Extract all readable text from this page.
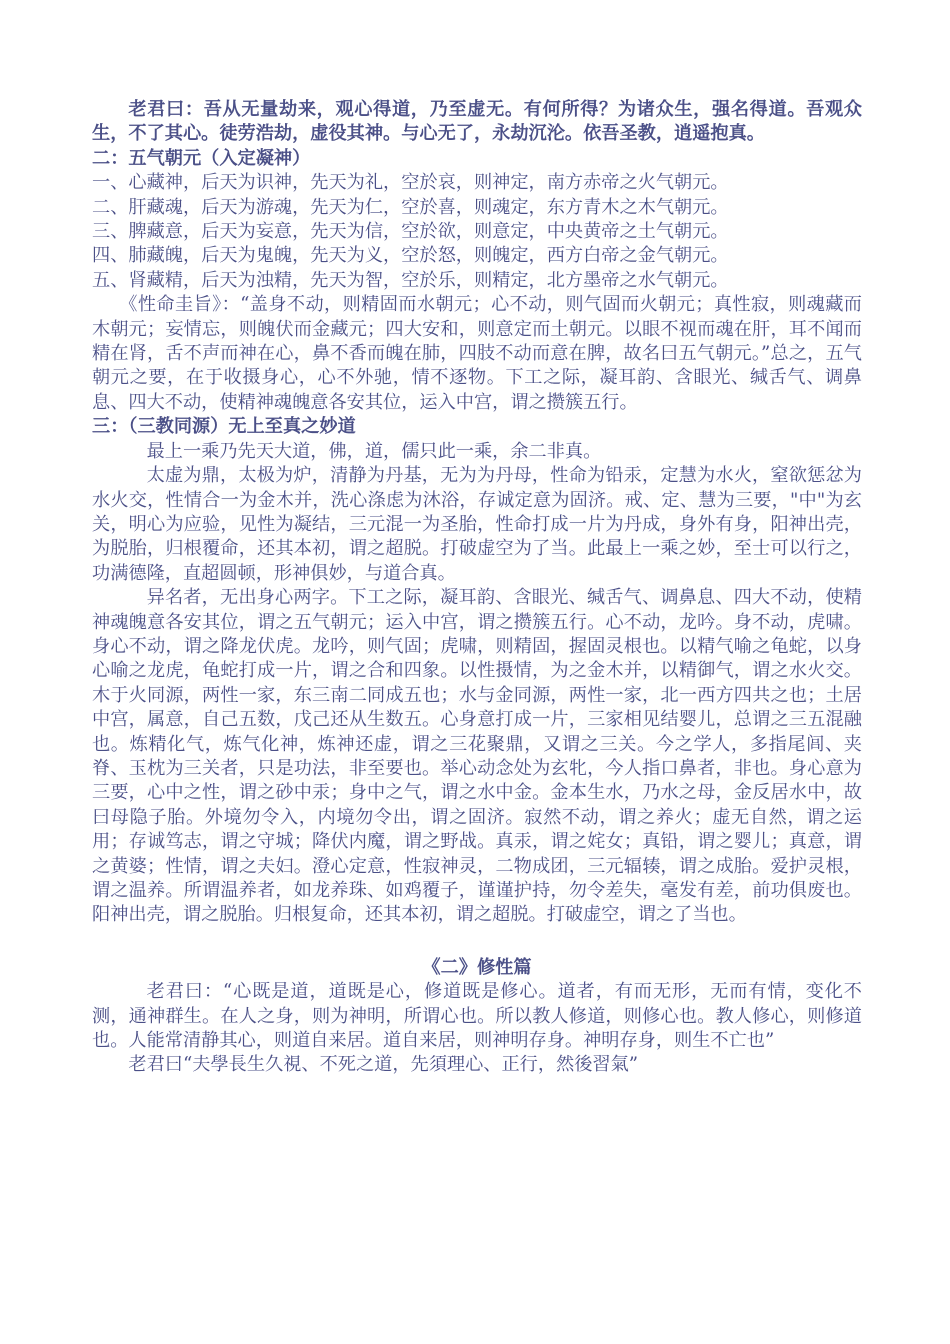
老君曰：吾从无量劫来，观心得道，乃至虚无。有何所得？为诸众生，强名得道。吾观众生，不了其心。徒劳浩劫，虚役其神。与心无了，永劫沉沦。依吾圣教，逍遥抱真。

二：五气朝元（入定凝神）

一、心藏神，后天为识神，先天为礼，空於哀，则神定，南方赤帝之火气朝元。

二、肝藏魂，后天为游魂，先天为仁，空於喜，则魂定，东方青木之木气朝元。

三、脾藏意，后天为妄意，先天为信，空於欲，则意定，中央黄帝之土气朝元。

四、肺藏魄，后天为鬼魄，先天为义，空於怒，则魄定，西方白帝之金气朝元。

五、肾藏精，后天为浊精，先天为智，空於乐，则精定，北方墨帝之水气朝元。

《性命圭旨》：“盖身不动，则精固而水朝元；心不动，则气固而火朝元；真性寂，则魂藏而木朝元；妄情忘，则魄伏而金藏元；四大安和，则意定而土朝元。以眼不视而魂在肝，耳不闻而精在肾，舌不声而神在心，鼻不香而魄在肺，四肢不动而意在脾，故名曰五气朝元。”总之，五气朝元之要，在于收摄身心，心不外驰，情不逐物。下工之际，凝耳韵、含眼光、缄舌气、调鼻息、四大不动，使精神魂魄意各安其位，运入中宫，谓之攒簇五行。

三：（三教同源）无上至真之妙道

最上一乘乃先天大道，佛，道，儒只此一乘，余二非真。

太虚为鼎，太极为炉，清静为丹基，无为为丹母，性命为铅汞，定慧为水火，窒欲惩忿为水火交，性情合一为金木并，洗心涤虑为沐浴，存诚定意为固济。戒、定、慧为三要，"中"为玄关，明心为应验，见性为凝结，三元混一为圣胎，性命打成一片为丹成，身外有身，阳神出壳，为脱胎，归根覆命，还其本初，谓之超脱。打破虚空为了当。此最上一乘之妙，至士可以行之，功满德隆，直超圆顿，形神俱妙，与道合真。

异名者，无出身心两字。下工之际，凝耳韵、含眼光、缄舌气、调鼻息、四大不动，使精神魂魄意各安其位，谓之五气朝元；运入中宫，谓之攒簇五行。心不动，龙吟。身不动，虎啸。身心不动，谓之降龙伏虎。龙吟，则气固；虎啸，则精固，握固灵根也。以精气喻之龟蛇，以身心喻之龙虎，龟蛇打成一片，谓之合和四象。以性摄情，为之金木并，以精御气，谓之水火交。木于火同源，两性一家，东三南二同成五也；水与金同源，两性一家，北一西方四共之也；土居中宫，属意，自己五数，戊己还从生数五。心身意打成一片，三家相见结婴儿，总谓之三五混融也。炼精化气，炼气化神，炼神还虚，谓之三花聚鼎，又谓之三关。今之学人，多指尾闾、夹脊、玉枕为三关者，只是功法，非至要也。举心动念处为玄牝，今人指口鼻者，非也。身心意为三要，心中之性，谓之砂中汞；身中之气，谓之水中金。金本生水，乃水之母，金反居水中，故曰母隐子胎。外境勿令入，内境勿令出，谓之固济。寂然不动，谓之养火；虚无自然，谓之运用；存诚笃志，谓之守城；降伏内魔，谓之野战。真汞，谓之姹女；真铅，谓之婴儿；真意，谓之黄婆；性情，谓之夫妇。澄心定意，性寂神灵，二物成团，三元辐辏，谓之成胎。爱护灵根，谓之温养。所谓温养者，如龙养珠、如鸡覆子，谨谨护持，勿令差失，毫发有差，前功俱废也。阳神出壳，谓之脱胎。归根复命，还其本初，谓之超脱。打破虚空，谓之了当也。

《二》修性篇

老君曰：“心既是道，道既是心，修道既是修心。道者，有而无形，无而有情，变化不测，通神群生。在人之身，则为神明，所谓心也。所以教人修道，则修心也。教人修心，则修道也。人能常清静其心，则道自来居。道自来居，则神明存身。神明存身，则生不亡也”

老君曰“夫學長生久視、不死之道，先須理心、正行，然後習氣”
